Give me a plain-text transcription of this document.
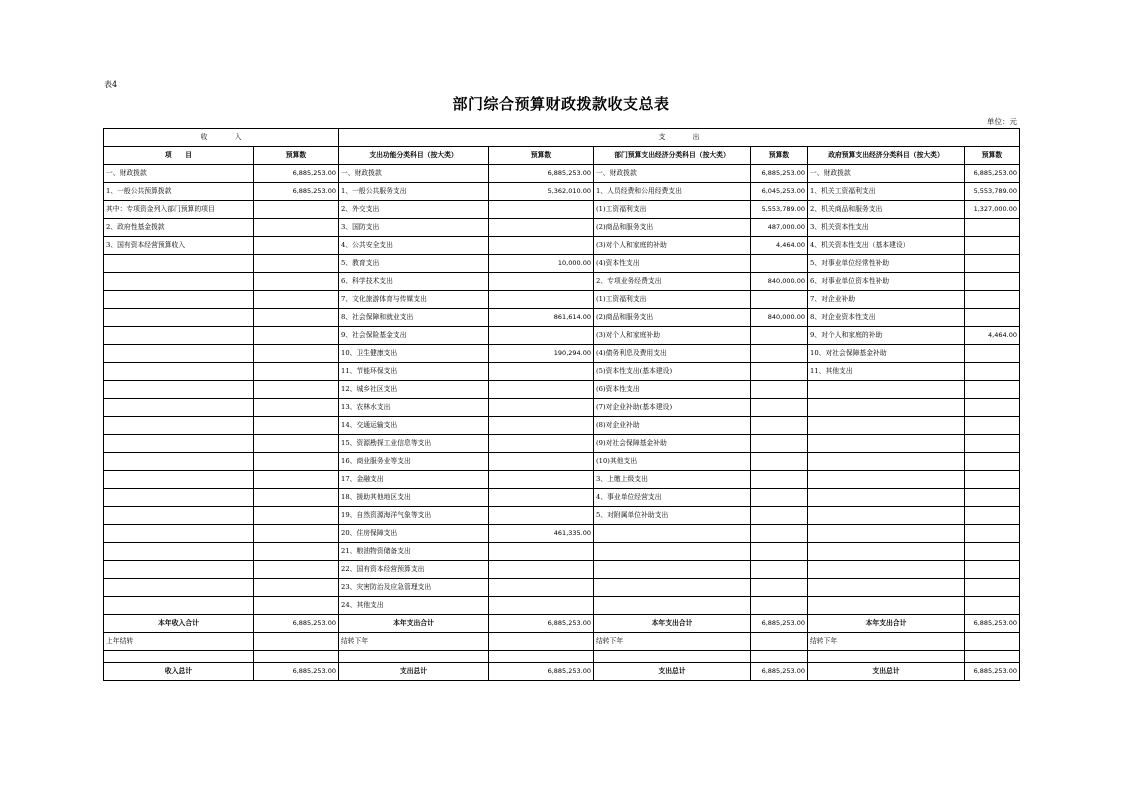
表4
部门综合预算财政拨款收支总表
单位：元
收　　　　入		支　　　　出					
项　　目	预算数	支出功能分类科目（按大类）	预算数	部门预算支出经济分类科目（按大类）	预算数	政府预算支出经济分类科目（按大类）	预算数
一、财政拨款	6,885,253.00	一、财政拨款	6,885,253.00	一、财政拨款	6,885,253.00	一、财政拨款	6,885,253.00
1、一般公共预算拨款	6,885,253.00	1、一般公共服务支出	5,362,010.00	1、人员经费和公用经费支出	6,045,253.00	1、机关工资福利支出	5,553,789.00
其中：专项资金列入部门预算的项目		2、外交支出		(1)工资福利支出	5,553,789.00	2、机关商品和服务支出	1,327,000.00
2、政府性基金拨款		3、国防支出		(2)商品和服务支出	487,000.00	3、机关资本性支出	
3、国有资本经营预算收入		4、公共安全支出		(3)对个人和家庭的补助	4,464.00	4、机关资本性支出（基本建设）	
		5、教育支出	10,000.00	(4)资本性支出		5、对事业单位经常性补助	
		6、科学技术支出		2、专项业务经费支出	840,000.00	6、对事业单位资本性补助	
		7、文化旅游体育与传媒支出		(1)工资福利支出		7、对企业补助	
		8、社会保障和就业支出	861,614.00	(2)商品和服务支出	840,000.00	8、对企业资本性支出	
		9、社会保险基金支出		(3)对个人和家庭补助		9、对个人和家庭的补助	4,464.00
		10、卫生健康支出	190,294.00	(4)债务利息及费用支出		10、对社会保障基金补助	
		11、节能环保支出		(5)资本性支出(基本建设)		11、其他支出	
		12、城乡社区支出		(6)资本性支出			
		13、农林水支出		(7)对企业补助(基本建设)			
		14、交通运输支出		(8)对企业补助			
		15、资源勘探工业信息等支出		(9)对社会保障基金补助			
		16、商业服务业等支出		(10)其他支出			
		17、金融支出		3、上缴上级支出			
		18、援助其他地区支出		4、事业单位经营支出			
		19、自然资源海洋气象等支出		5、对附属单位补助支出			
		20、住房保障支出	461,335.00				
		21、粮油物资储备支出					
		22、国有资本经营预算支出					
		23、灾害防治及应急管理支出					
		24、其他支出					
本年收入合计	6,885,253.00	本年支出合计	6,885,253.00	本年支出合计	6,885,253.00	本年支出合计	6,885,253.00
上年结转		结转下年		结转下年		结转下年	

收入总计	6,885,253.00	支出总计	6,885,253.00	支出总计	6,885,253.00	支出总计	6,885,253.00
